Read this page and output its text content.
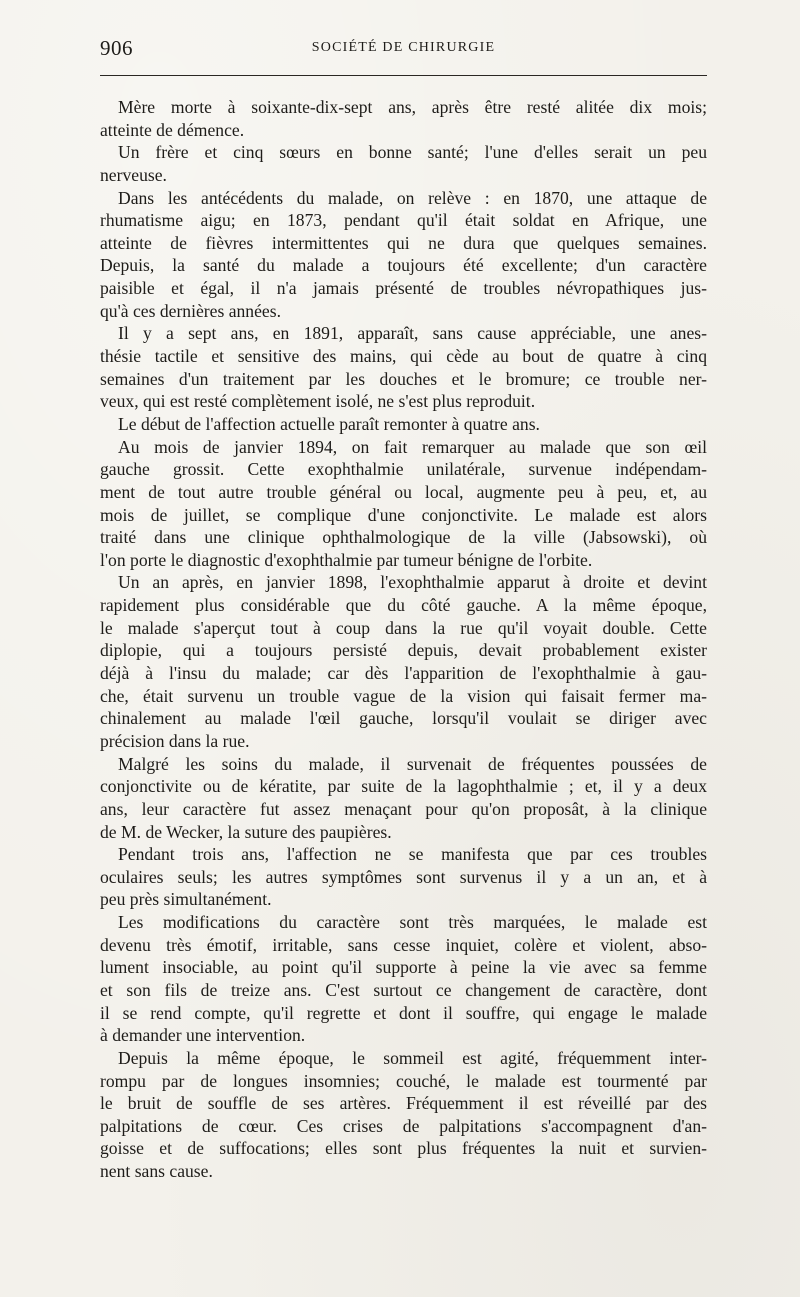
906	SOCIÉTÉ DE CHIRURGIE
Mère morte à soixante-dix-sept ans, après être resté alitée dix mois;
atteinte de démence.
Un frère et cinq sœurs en bonne santé; l'une d'elles serait un peu
nerveuse.
Dans les antécédents du malade, on relève : en 1870, une attaque de
rhumatisme aigu; en 1873, pendant qu'il était soldat en Afrique, une
atteinte de fièvres intermittentes qui ne dura que quelques semaines.
Depuis, la santé du malade a toujours été excellente; d'un caractère
paisible et égal, il n'a jamais présenté de troubles névropathiques jus-
qu'à ces dernières années.
Il y a sept ans, en 1891, apparaît, sans cause appréciable, une anes-
thésie tactile et sensitive des mains, qui cède au bout de quatre à cinq
semaines d'un traitement par les douches et le bromure; ce trouble ner-
veux, qui est resté complètement isolé, ne s'est plus reproduit.
Le début de l'affection actuelle paraît remonter à quatre ans.
Au mois de janvier 1894, on fait remarquer au malade que son œil
gauche grossit. Cette exophthalmie unilatérale, survenue indépendam-
ment de tout autre trouble général ou local, augmente peu à peu, et, au
mois de juillet, se complique d'une conjonctivite. Le malade est alors
traité dans une clinique ophthalmologique de la ville (Jabsowski), où
l'on porte le diagnostic d'exophthalmie par tumeur bénigne de l'orbite.
Un an après, en janvier 1898, l'exophthalmie apparut à droite et devint
rapidement plus considérable que du côté gauche. A la même époque,
le malade s'aperçut tout à coup dans la rue qu'il voyait double. Cette
diplopie, qui a toujours persisté depuis, devait probablement exister
déjà à l'insu du malade; car dès l'apparition de l'exophthalmie à gau-
che, était survenu un trouble vague de la vision qui faisait fermer ma-
chinalement au malade l'œil gauche, lorsqu'il voulait se diriger avec
précision dans la rue.
Malgré les soins du malade, il survenait de fréquentes poussées de
conjonctivite ou de kératite, par suite de la lagophthalmie ; et, il y a deux
ans, leur caractère fut assez menaçant pour qu'on proposât, à la clinique
de M. de Wecker, la suture des paupières.
Pendant trois ans, l'affection ne se manifesta que par ces troubles
oculaires seuls; les autres symptômes sont survenus il y a un an, et à
peu près simultanément.
Les modifications du caractère sont très marquées, le malade est
devenu très émotif, irritable, sans cesse inquiet, colère et violent, abso-
lument insociable, au point qu'il supporte à peine la vie avec sa femme
et son fils de treize ans. C'est surtout ce changement de caractère, dont
il se rend compte, qu'il regrette et dont il souffre, qui engage le malade
à demander une intervention.
Depuis la même époque, le sommeil est agité, fréquemment inter-
rompu par de longues insomnies; couché, le malade est tourmenté par
le bruit de souffle de ses artères. Fréquemment il est réveillé par des
palpitations de cœur. Ces crises de palpitations s'accompagnent d'an-
goisse et de suffocations; elles sont plus fréquentes la nuit et survien-
nent sans cause.
